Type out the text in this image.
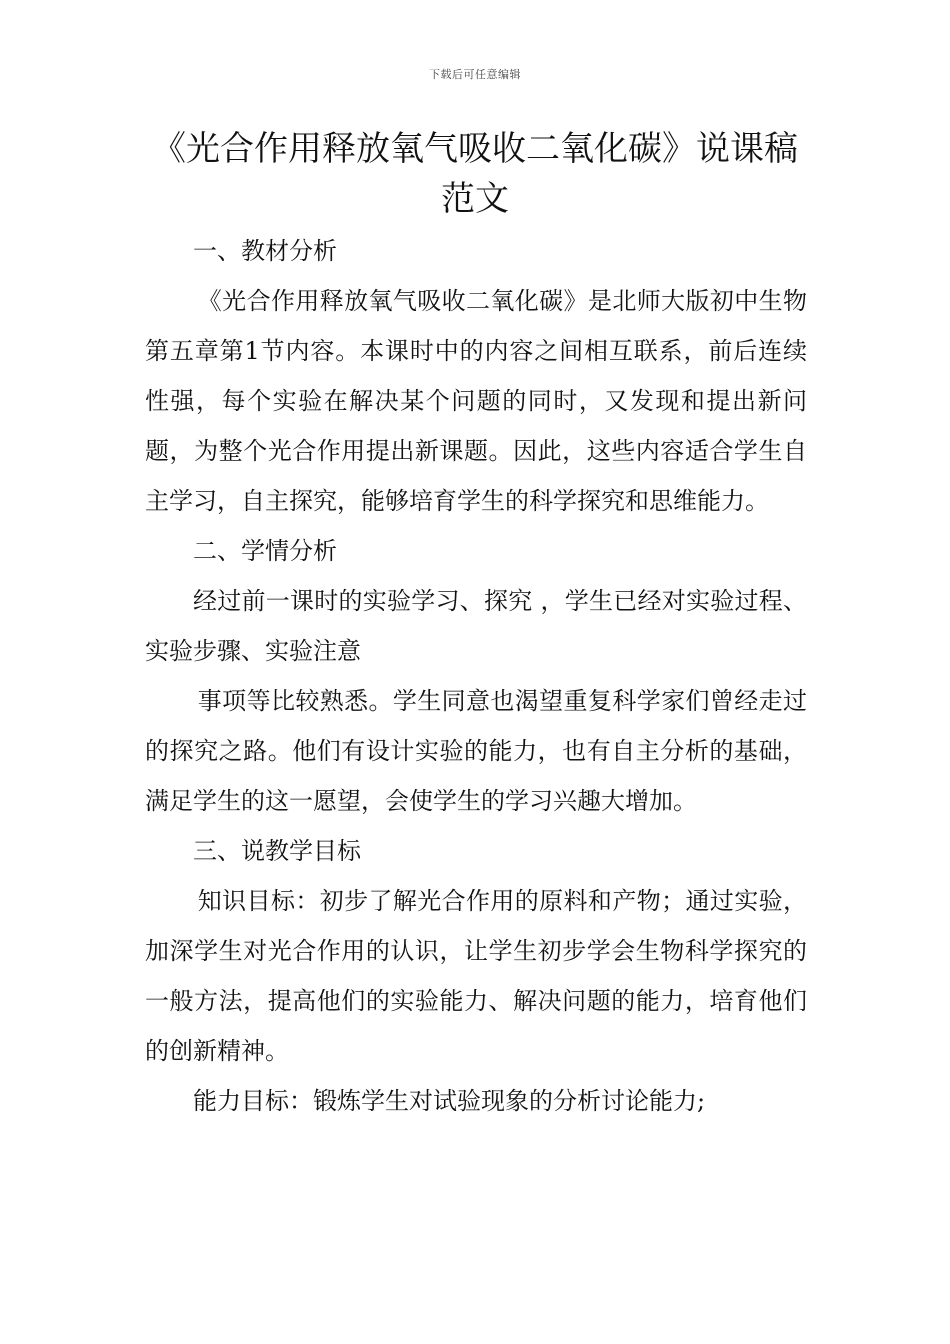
下载后可任意编辑
《光合作用释放氧气吸收二氧化碳》说课稿范文

一、教材分析

《光合作用释放氧气吸收二氧化碳》是北师大版初中生物第五章第1节内容。本课时中的内容之间相互联系，前后连续性强，每个实验在解决某个问题的同时，又发现和提出新问题，为整个光合作用提出新课题。因此，这些内容适合学生自主学习，自主探究，能够培育学生的科学探究和思维能力。

二、学情分析

经过前一课时的实验学习、探究 ，学生已经对实验过程、实验步骤、实验注意

事项等比较熟悉。学生同意也渴望重复科学家们曾经走过的探究之路。他们有设计实验的能力，也有自主分析的基础，满足学生的这一愿望，会使学生的学习兴趣大增加。

三、说教学目标

知识目标：初步了解光合作用的原料和产物；通过实验，加深学生对光合作用的认识，让学生初步学会生物科学探究的一般方法，提高他们的实验能力、解决问题的能力，培育他们的创新精神。

能力目标：锻炼学生对试验现象的分析讨论能力;
